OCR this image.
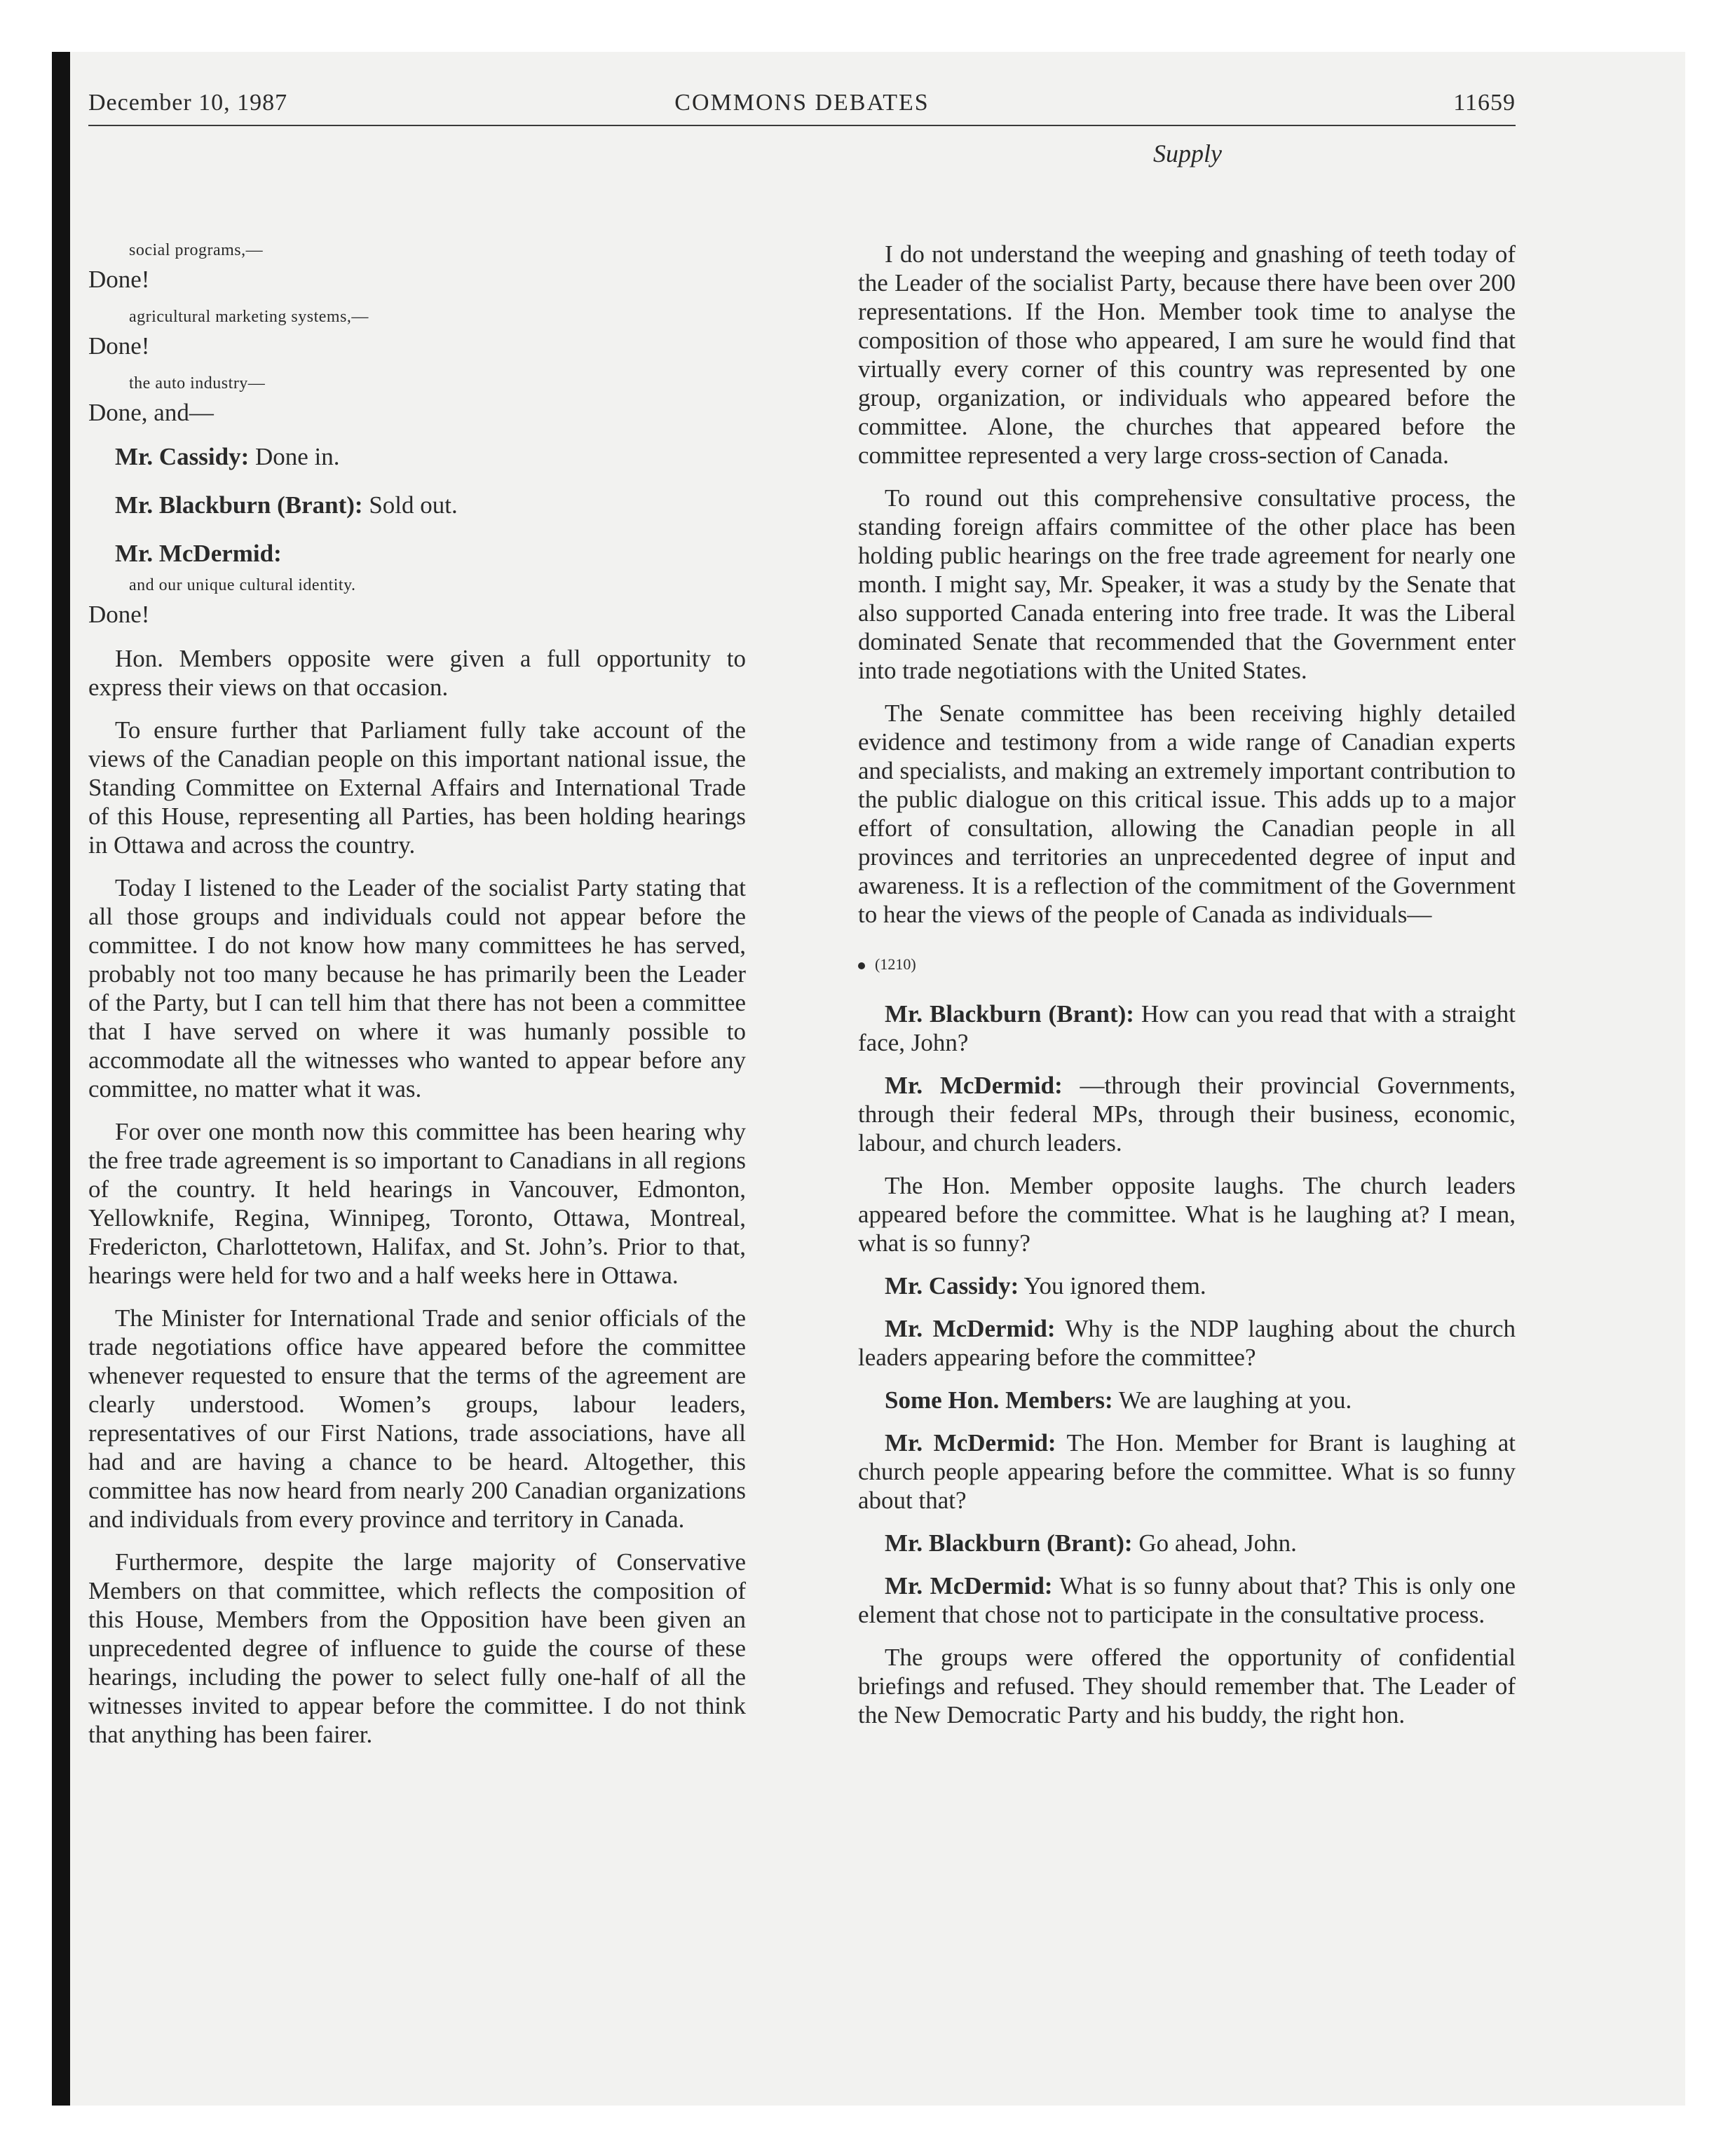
December 10, 1987	COMMONS DEBATES	11659
Supply
social programs,—
Done!
agricultural marketing systems,—
Done!
the auto industry—
Done, and—

Mr. Cassidy: Done in.

Mr. Blackburn (Brant): Sold out.

Mr. McDermid:

and our unique cultural identity.
Done!

Hon. Members opposite were given a full opportunity to express their views on that occasion.

To ensure further that Parliament fully take account of the views of the Canadian people on this important national issue, the Standing Committee on External Affairs and International Trade of this House, representing all Parties, has been holding hearings in Ottawa and across the country.

Today I listened to the Leader of the socialist Party stating that all those groups and individuals could not appear before the committee. I do not know how many committees he has served, probably not too many because he has primarily been the Leader of the Party, but I can tell him that there has not been a committee that I have served on where it was humanly possible to accommodate all the witnesses who wanted to appear before any committee, no matter what it was.

For over one month now this committee has been hearing why the free trade agreement is so important to Canadians in all regions of the country. It held hearings in Vancouver, Edmonton, Yellowknife, Regina, Winnipeg, Toronto, Ottawa, Montreal, Fredericton, Charlottetown, Halifax, and St. John’s. Prior to that, hearings were held for two and a half weeks here in Ottawa.

The Minister for International Trade and senior officials of the trade negotiations office have appeared before the committee whenever requested to ensure that the terms of the agreement are clearly understood. Women’s groups, labour leaders, representatives of our First Nations, trade associations, have all had and are having a chance to be heard. Altogether, this committee has now heard from nearly 200 Canadian organizations and individuals from every province and territory in Canada.

Furthermore, despite the large majority of Conservative Members on that committee, which reflects the composition of this House, Members from the Opposition have been given an unprecedented degree of influence to guide the course of these hearings, including the power to select fully one-half of all the witnesses invited to appear before the committee. I do not think that anything has been fairer.

I do not understand the weeping and gnashing of teeth today of the Leader of the socialist Party, because there have been over 200 representations. If the Hon. Member took time to analyse the composition of those who appeared, I am sure he would find that virtually every corner of this country was represented by one group, organization, or individuals who appeared before the committee. Alone, the churches that appeared before the committee represented a very large cross-section of Canada.

To round out this comprehensive consultative process, the standing foreign affairs committee of the other place has been holding public hearings on the free trade agreement for nearly one month. I might say, Mr. Speaker, it was a study by the Senate that also supported Canada entering into free trade. It was the Liberal dominated Senate that recommended that the Government enter into trade negotiations with the United States.

The Senate committee has been receiving highly detailed evidence and testimony from a wide range of Canadian experts and specialists, and making an extremely important contribution to the public dialogue on this critical issue. This adds up to a major effort of consultation, allowing the Canadian people in all provinces and territories an unprecedented degree of input and awareness. It is a reflection of the commitment of the Government to hear the views of the people of Canada as individuals—

(1210)

Mr. Blackburn (Brant): How can you read that with a straight face, John?

Mr. McDermid: —through their provincial Governments, through their federal MPs, through their business, economic, labour, and church leaders.

The Hon. Member opposite laughs. The church leaders appeared before the committee. What is he laughing at? I mean, what is so funny?

Mr. Cassidy: You ignored them.

Mr. McDermid: Why is the NDP laughing about the church leaders appearing before the committee?

Some Hon. Members: We are laughing at you.

Mr. McDermid: The Hon. Member for Brant is laughing at church people appearing before the committee. What is so funny about that?

Mr. Blackburn (Brant): Go ahead, John.

Mr. McDermid: What is so funny about that? This is only one element that chose not to participate in the consultative process.

The groups were offered the opportunity of confidential briefings and refused. They should remember that. The Leader of the New Democratic Party and his buddy, the right hon.
